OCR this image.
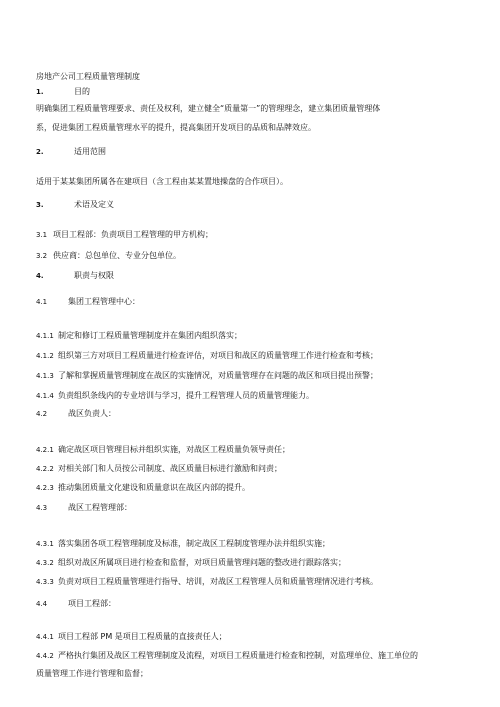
房地产公司工程质量管理制度
1.	目的
明确集团工程质量管理要求、责任及权利，建立健全“质量第一”的管理理念，建立集团质量管理体
系，促进集团工程质量管理水平的提升，提高集团开发项目的品质和品牌效应。
2.	适用范围
适用于某某集团所属各在建项目（含工程由某某置地操盘的合作项目）。
3.	术语及定义
3.1 项目工程部：负责项目工程管理的甲方机构；
3.2 供应商：总包单位、专业分包单位。
4.	职责与权限
4.1	集团工程管理中心：
4.1.1 制定和修订工程质量管理制度并在集团内组织落实；
4.1.2 组织第三方对项目工程质量进行检查评估，对项目和战区的质量管理工作进行检查和考核；
4.1.3 了解和掌握质量管理制度在战区的实施情况，对质量管理存在问题的战区和项目提出预警；
4.1.4 负责组织条线内的专业培训与学习，提升工程管理人员的质量管理能力。
4.2	战区负责人：
4.2.1 确定战区项目管理目标并组织实施，对战区工程质量负领导责任；
4.2.2 对相关部门和人员按公司制度、战区质量目标进行激励和问责；
4.2.3 推动集团质量文化建设和质量意识在战区内部的提升。
4.3	战区工程管理部：
4.3.1 落实集团各项工程管理制度及标准，制定战区工程制度管理办法并组织实施；
4.3.2 组织对战区所属项目进行检查和监督，对项目质量管理问题的整改进行跟踪落实；
4.3.3 负责对项目工程质量管理进行指导、培训，对战区工程管理人员和质量管理情况进行考核。
4.4	项目工程部：
4.4.1 项目工程部 PM 是项目工程质量的直接责任人；
4.4.2 严格执行集团及战区工程管理制度及流程，对项目工程质量进行检查和控制，对监理单位、施工单位的
质量管理工作进行管理和监督；
